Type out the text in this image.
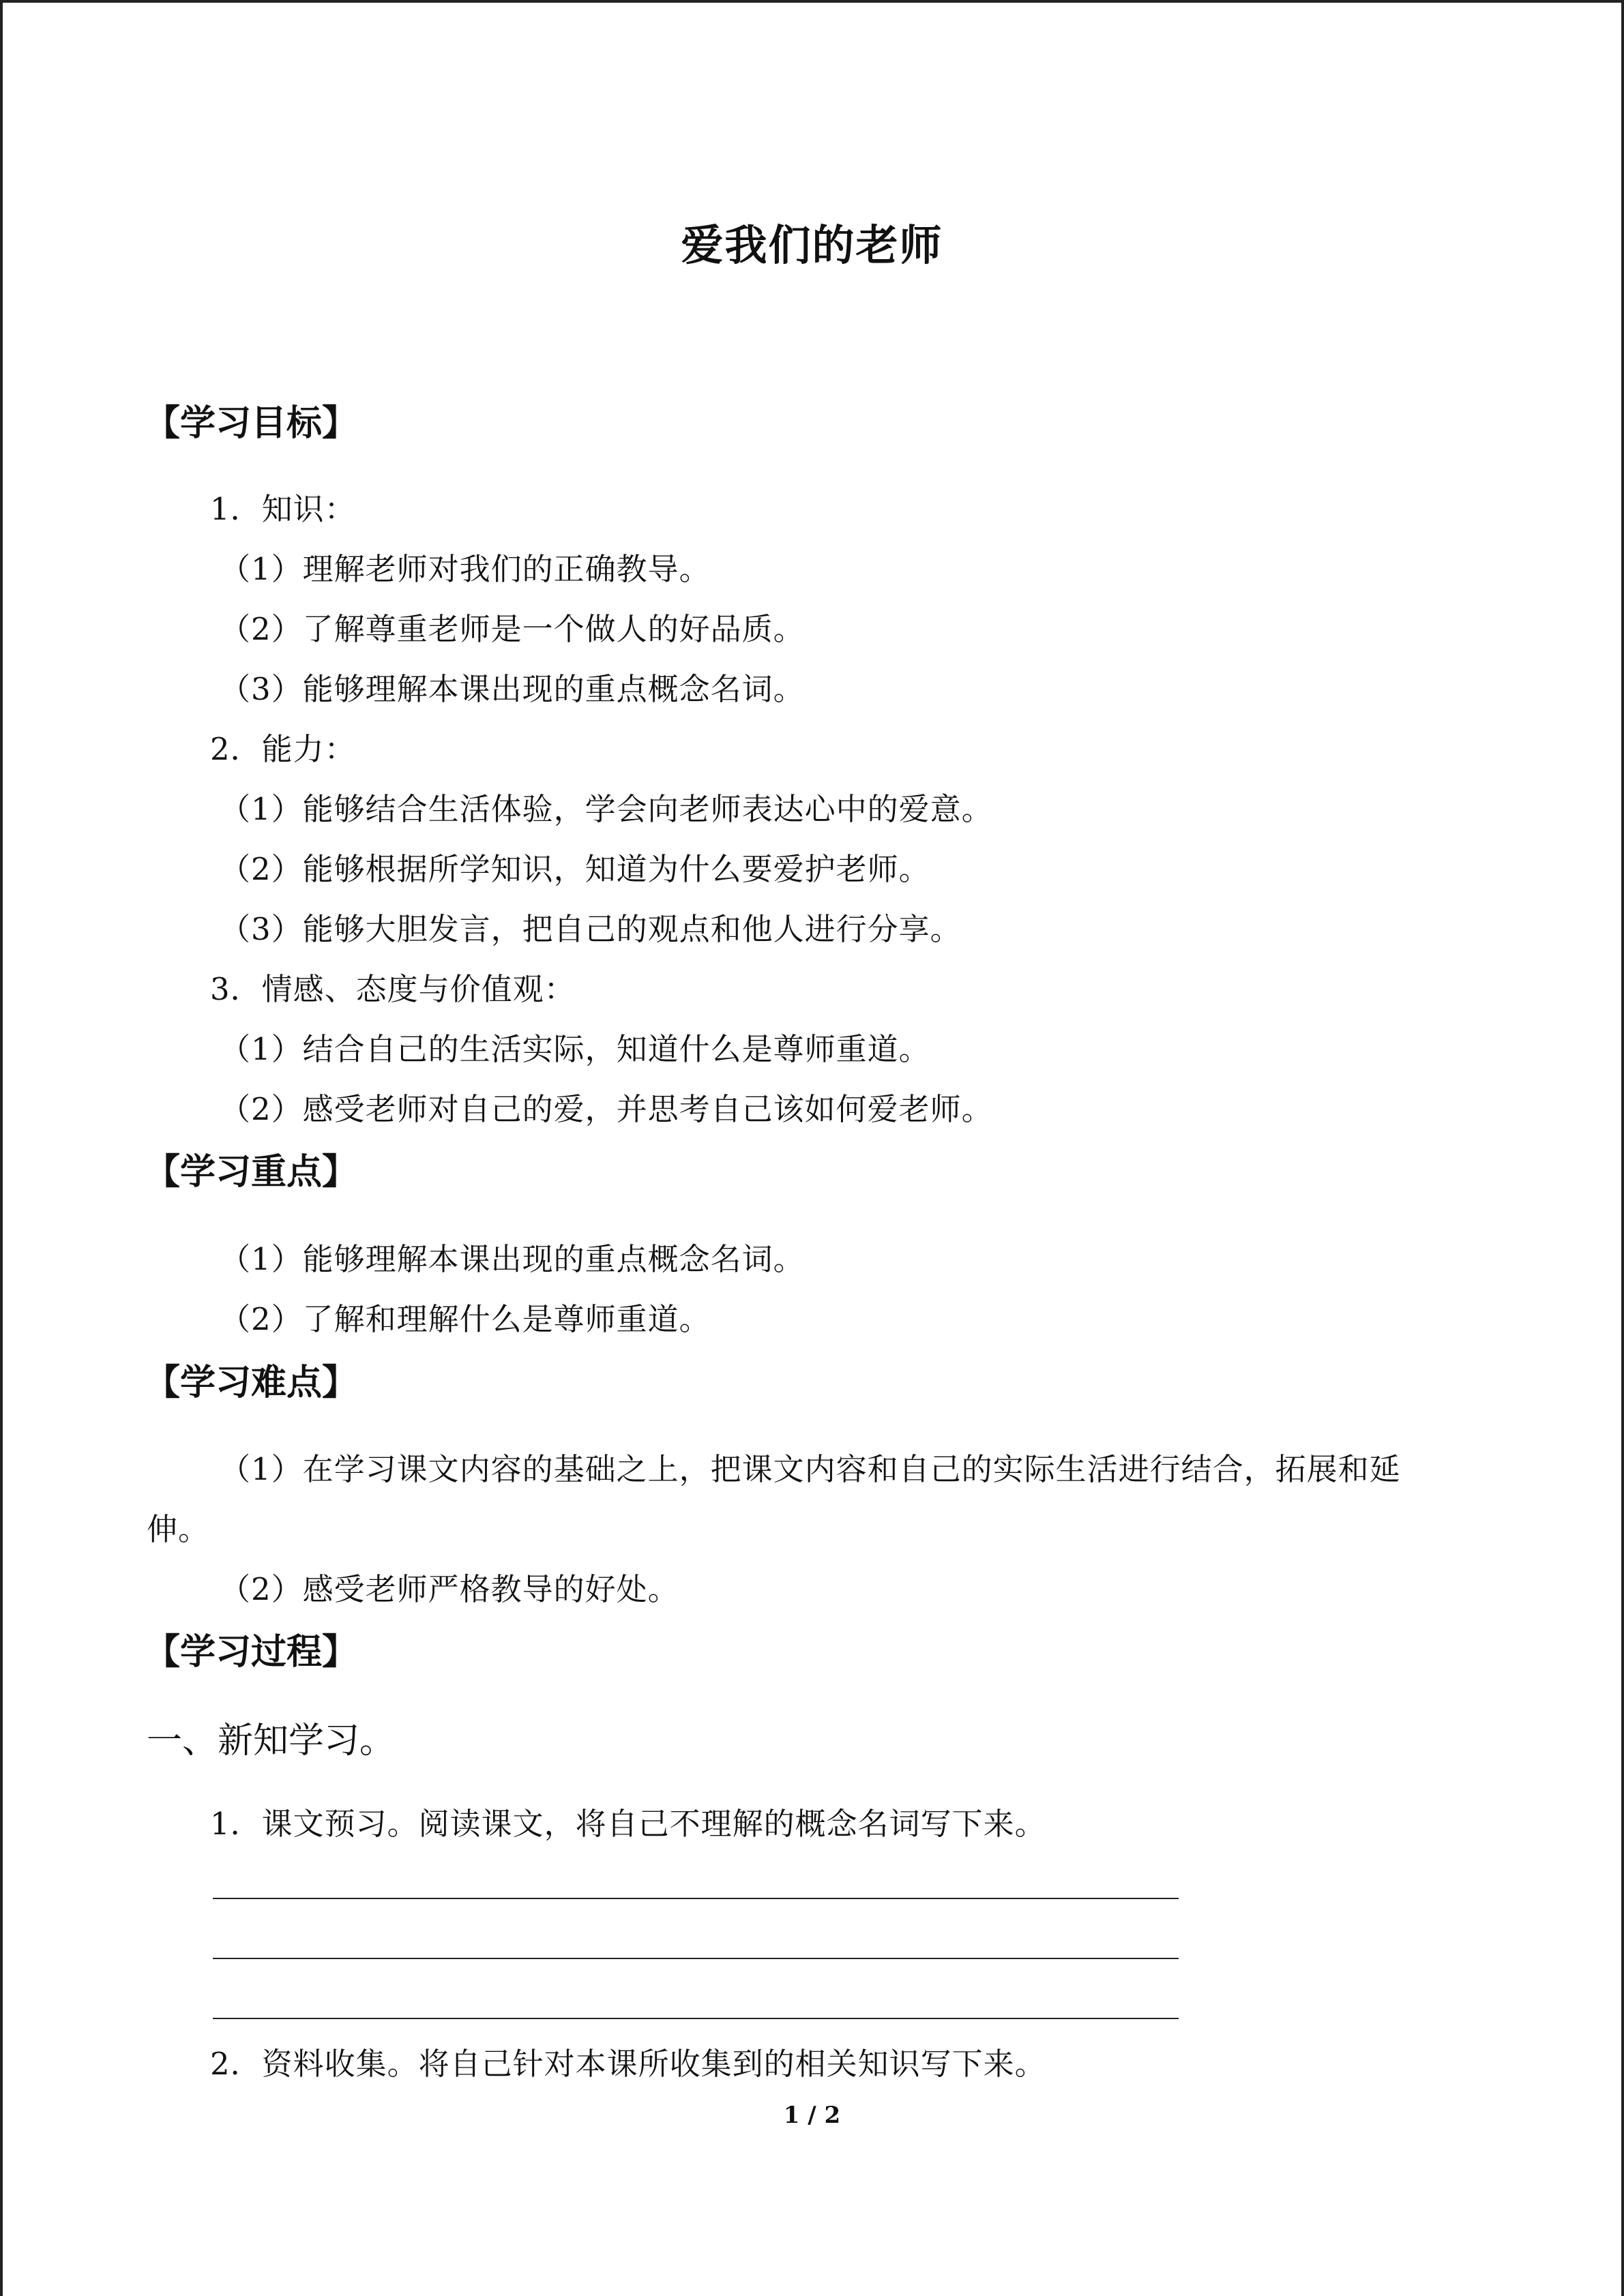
爱我们的老师
【学习目标】
1．知识：
（1）理解老师对我们的正确教导。
（2）了解尊重老师是一个做人的好品质。
（3）能够理解本课出现的重点概念名词。
2．能力：
（1）能够结合生活体验，学会向老师表达心中的爱意。
（2）能够根据所学知识，知道为什么要爱护老师。
（3）能够大胆发言，把自己的观点和他人进行分享。
3．情感、态度与价值观：
（1）结合自己的生活实际，知道什么是尊师重道。
（2）感受老师对自己的爱，并思考自己该如何爱老师。
【学习重点】
（1）能够理解本课出现的重点概念名词。
（2）了解和理解什么是尊师重道。
【学习难点】
（1）在学习课文内容的基础之上，把课文内容和自己的实际生活进行结合，拓展和延
伸。
（2）感受老师严格教导的好处。
【学习过程】
一、新知学习。
1．课文预习。阅读课文，将自己不理解的概念名词写下来。
2．资料收集。将自己针对本课所收集到的相关知识写下来。
1 / 2
